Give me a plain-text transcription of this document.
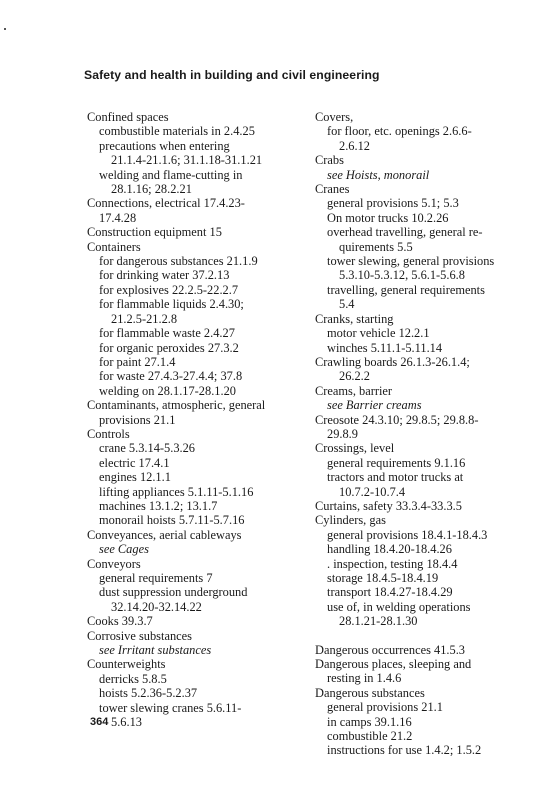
Safety and health in building and civil engineering
Confined spaces
combustible materials in 2.4.25
precautions when entering
21.1.4-21.1.6; 31.1.18-31.1.21
welding and flame-cutting in
28.1.16; 28.2.21
Connections, electrical 17.4.23-
17.4.28
Construction equipment 15
Containers
for dangerous substances 21.1.9
for drinking water 37.2.13
for explosives 22.2.5-22.2.7
for flammable liquids 2.4.30;
21.2.5-21.2.8
for flammable waste 2.4.27
for organic peroxides 27.3.2
for paint 27.1.4
for waste 27.4.3-27.4.4; 37.8
welding on 28.1.17-28.1.20
Contaminants, atmospheric, general
provisions 21.1
Controls
crane 5.3.14-5.3.26
electric 17.4.1
engines 12.1.1
lifting appliances 5.1.11-5.1.16
machines 13.1.2; 13.1.7
monorail hoists 5.7.11-5.7.16
Conveyances, aerial cableways
see Cages
Conveyors
general requirements 7
dust suppression underground
32.14.20-32.14.22
Cooks 39.3.7
Corrosive substances
see Irritant substances
Counterweights
derricks 5.8.5
hoists 5.2.36-5.2.37
tower slewing cranes 5.6.11-
5.6.13
Covers,
for floor, etc. openings 2.6.6-
2.6.12
Crabs
see Hoists, monorail
Cranes
general provisions 5.1; 5.3
On motor trucks 10.2.26
overhead travelling, general re-
quirements 5.5
tower slewing, general provisions
5.3.10-5.3.12, 5.6.1-5.6.8
travelling, general requirements
5.4
Cranks, starting
motor vehicle 12.2.1
winches 5.11.1-5.11.14
Crawling boards 26.1.3-26.1.4;
26.2.2
Creams, barrier
see Barrier creams
Creosote 24.3.10; 29.8.5; 29.8.8-
29.8.9
Crossings, level
general requirements 9.1.16
tractors and motor trucks at
10.7.2-10.7.4
Curtains, safety 33.3.4-33.3.5
Cylinders, gas
general provisions 18.4.1-18.4.3
handling 18.4.20-18.4.26
. inspection, testing 18.4.4
storage 18.4.5-18.4.19
transport 18.4.27-18.4.29
use of, in welding operations
28.1.21-28.1.30
Dangerous occurrences 41.5.3
Dangerous places, sleeping and
resting in 1.4.6
Dangerous substances
general provisions 21.1
in camps 39.1.16
combustible 21.2
instructions for use 1.4.2; 1.5.2
364
